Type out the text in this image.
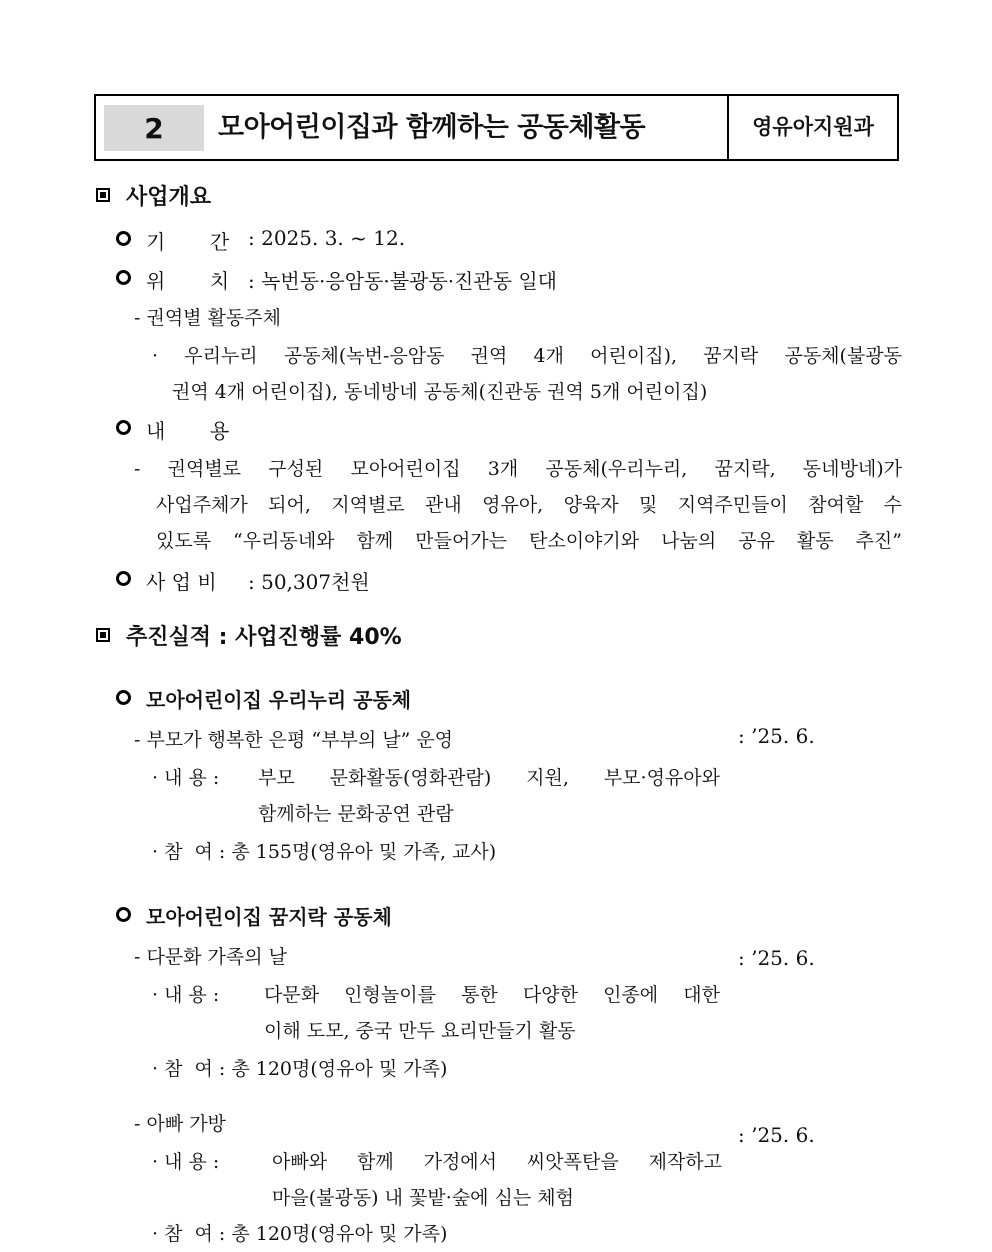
2	모아어린이집과 함께하는 공동체활동	영유아지원과
사업개요
기       간 : 2025. 3. ~ 12.
위       치 : 녹번동·응암동·불광동·진관동 일대
- 권역별 활동주체
· 우리누리 공동체(녹번-응암동 권역 4개 어린이집), 꿈지락 공동체(불광동
권역 4개 어린이집), 동네방네 공동체(진관동 권역 5개 어린이집)
내       용
- 권역별로 구성된 모아어린이집 3개 공동체(우리누리, 꿈지락, 동네방네)가
사업주체가 되어, 지역별로 관내 영유아, 양육자 및 지역주민들이 참여할 수
있도록 “우리동네와 함께 만들어가는 탄소이야기와 나눔의 공유 활동 추진”
사 업 비 : 50,307천원
추진실적 : 사업진행률 40%
모아어린이집 우리누리 공동체
- 부모가 행복한 은평 “부부의 날” 운영	: ’25. 6.
· 내 용 : 부모 문화활동(영화관람) 지원, 부모·영유아와
함께하는 문화공연 관람
· 참  여 : 총 155명(영유아 및 가족, 교사)
모아어린이집 꿈지락 공동체
- 다문화 가족의 날	: ’25. 6.
· 내 용 : 다문화 인형놀이를 통한 다양한 인종에 대한
이해 도모, 중국 만두 요리만들기 활동
· 참  여 : 총 120명(영유아 및 가족)
- 아빠 가방	: ’25. 6.
· 내 용 :	아빠와 함께 가정에서 씨앗폭탄을 제작하고
마을(불광동) 내 꽃밭·숲에 심는 체험
· 참  여 : 총 120명(영유아 및 가족)
